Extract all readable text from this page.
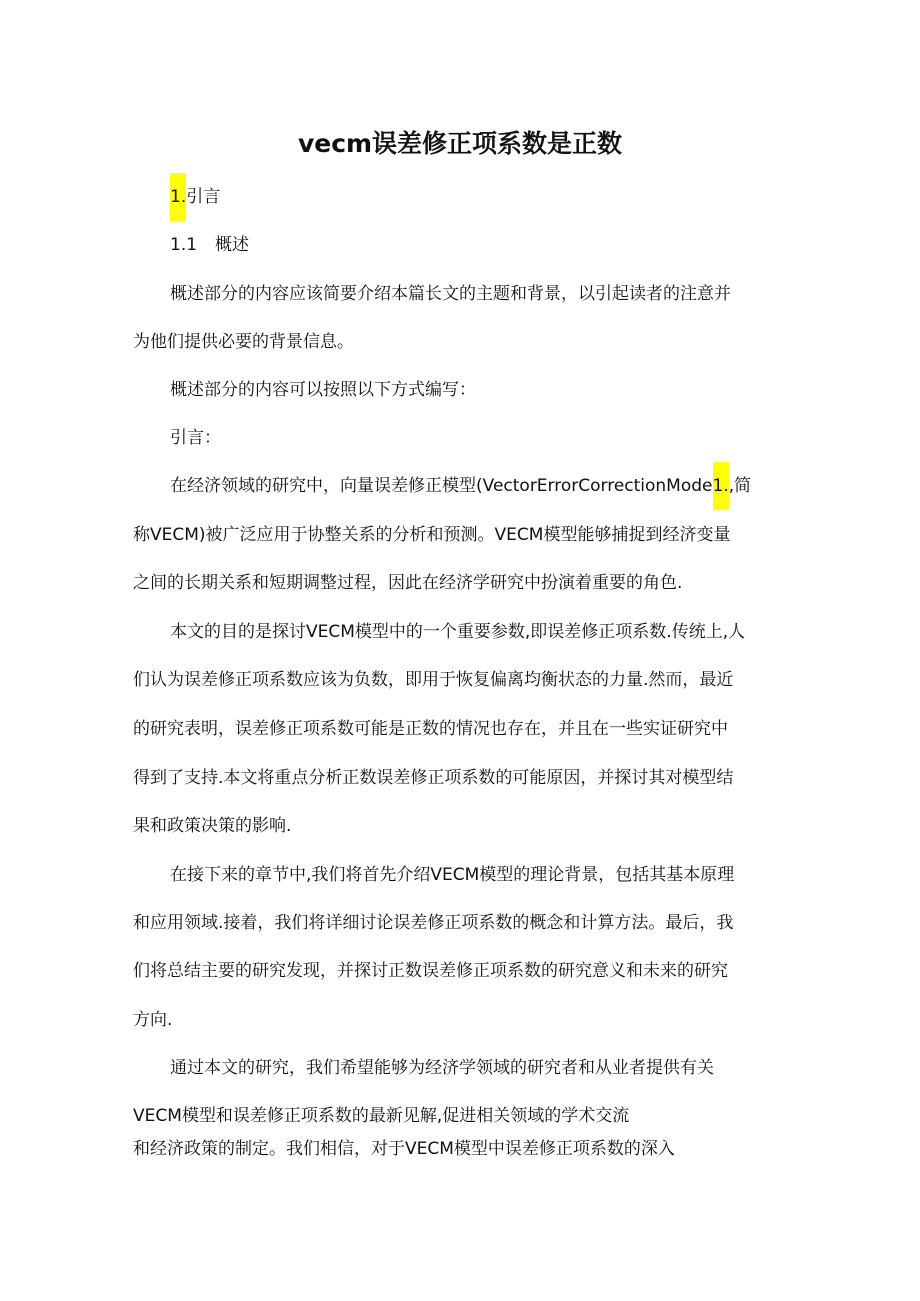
vecm误差修正项系数是正数
1.引言
1.1 概述
概述部分的内容应该简要介绍本篇长文的主题和背景，以引起读者的注意并
为他们提供必要的背景信息。
概述部分的内容可以按照以下方式编写：
引言：
在经济领域的研究中，向量误差修正模型(VectorErrorCorrectionMode1.,简
称VECM)被广泛应用于协整关系的分析和预测。VECM模型能够捕捉到经济变量
之间的长期关系和短期调整过程，因此在经济学研究中扮演着重要的角色.
本文的目的是探讨VECM模型中的一个重要参数,即误差修正项系数.传统上,人
们认为误差修正项系数应该为负数，即用于恢复偏离均衡状态的力量.然而，最近
的研究表明，误差修正项系数可能是正数的情况也存在，并且在一些实证研究中
得到了支持.本文将重点分析正数误差修正项系数的可能原因，并探讨其对模型结
果和政策决策的影响.
在接下来的章节中,我们将首先介绍VECM模型的理论背景，包括其基本原理
和应用领域.接着，我们将详细讨论误差修正项系数的概念和计算方法。最后，我
们将总结主要的研究发现，并探讨正数误差修正项系数的研究意义和未来的研究
方向.
通过本文的研究，我们希望能够为经济学领域的研究者和从业者提供有关
VECM模型和误差修正项系数的最新见解,促进相关领域的学术交流
和经济政策的制定。我们相信，对于VECM模型中误差修正项系数的深入
